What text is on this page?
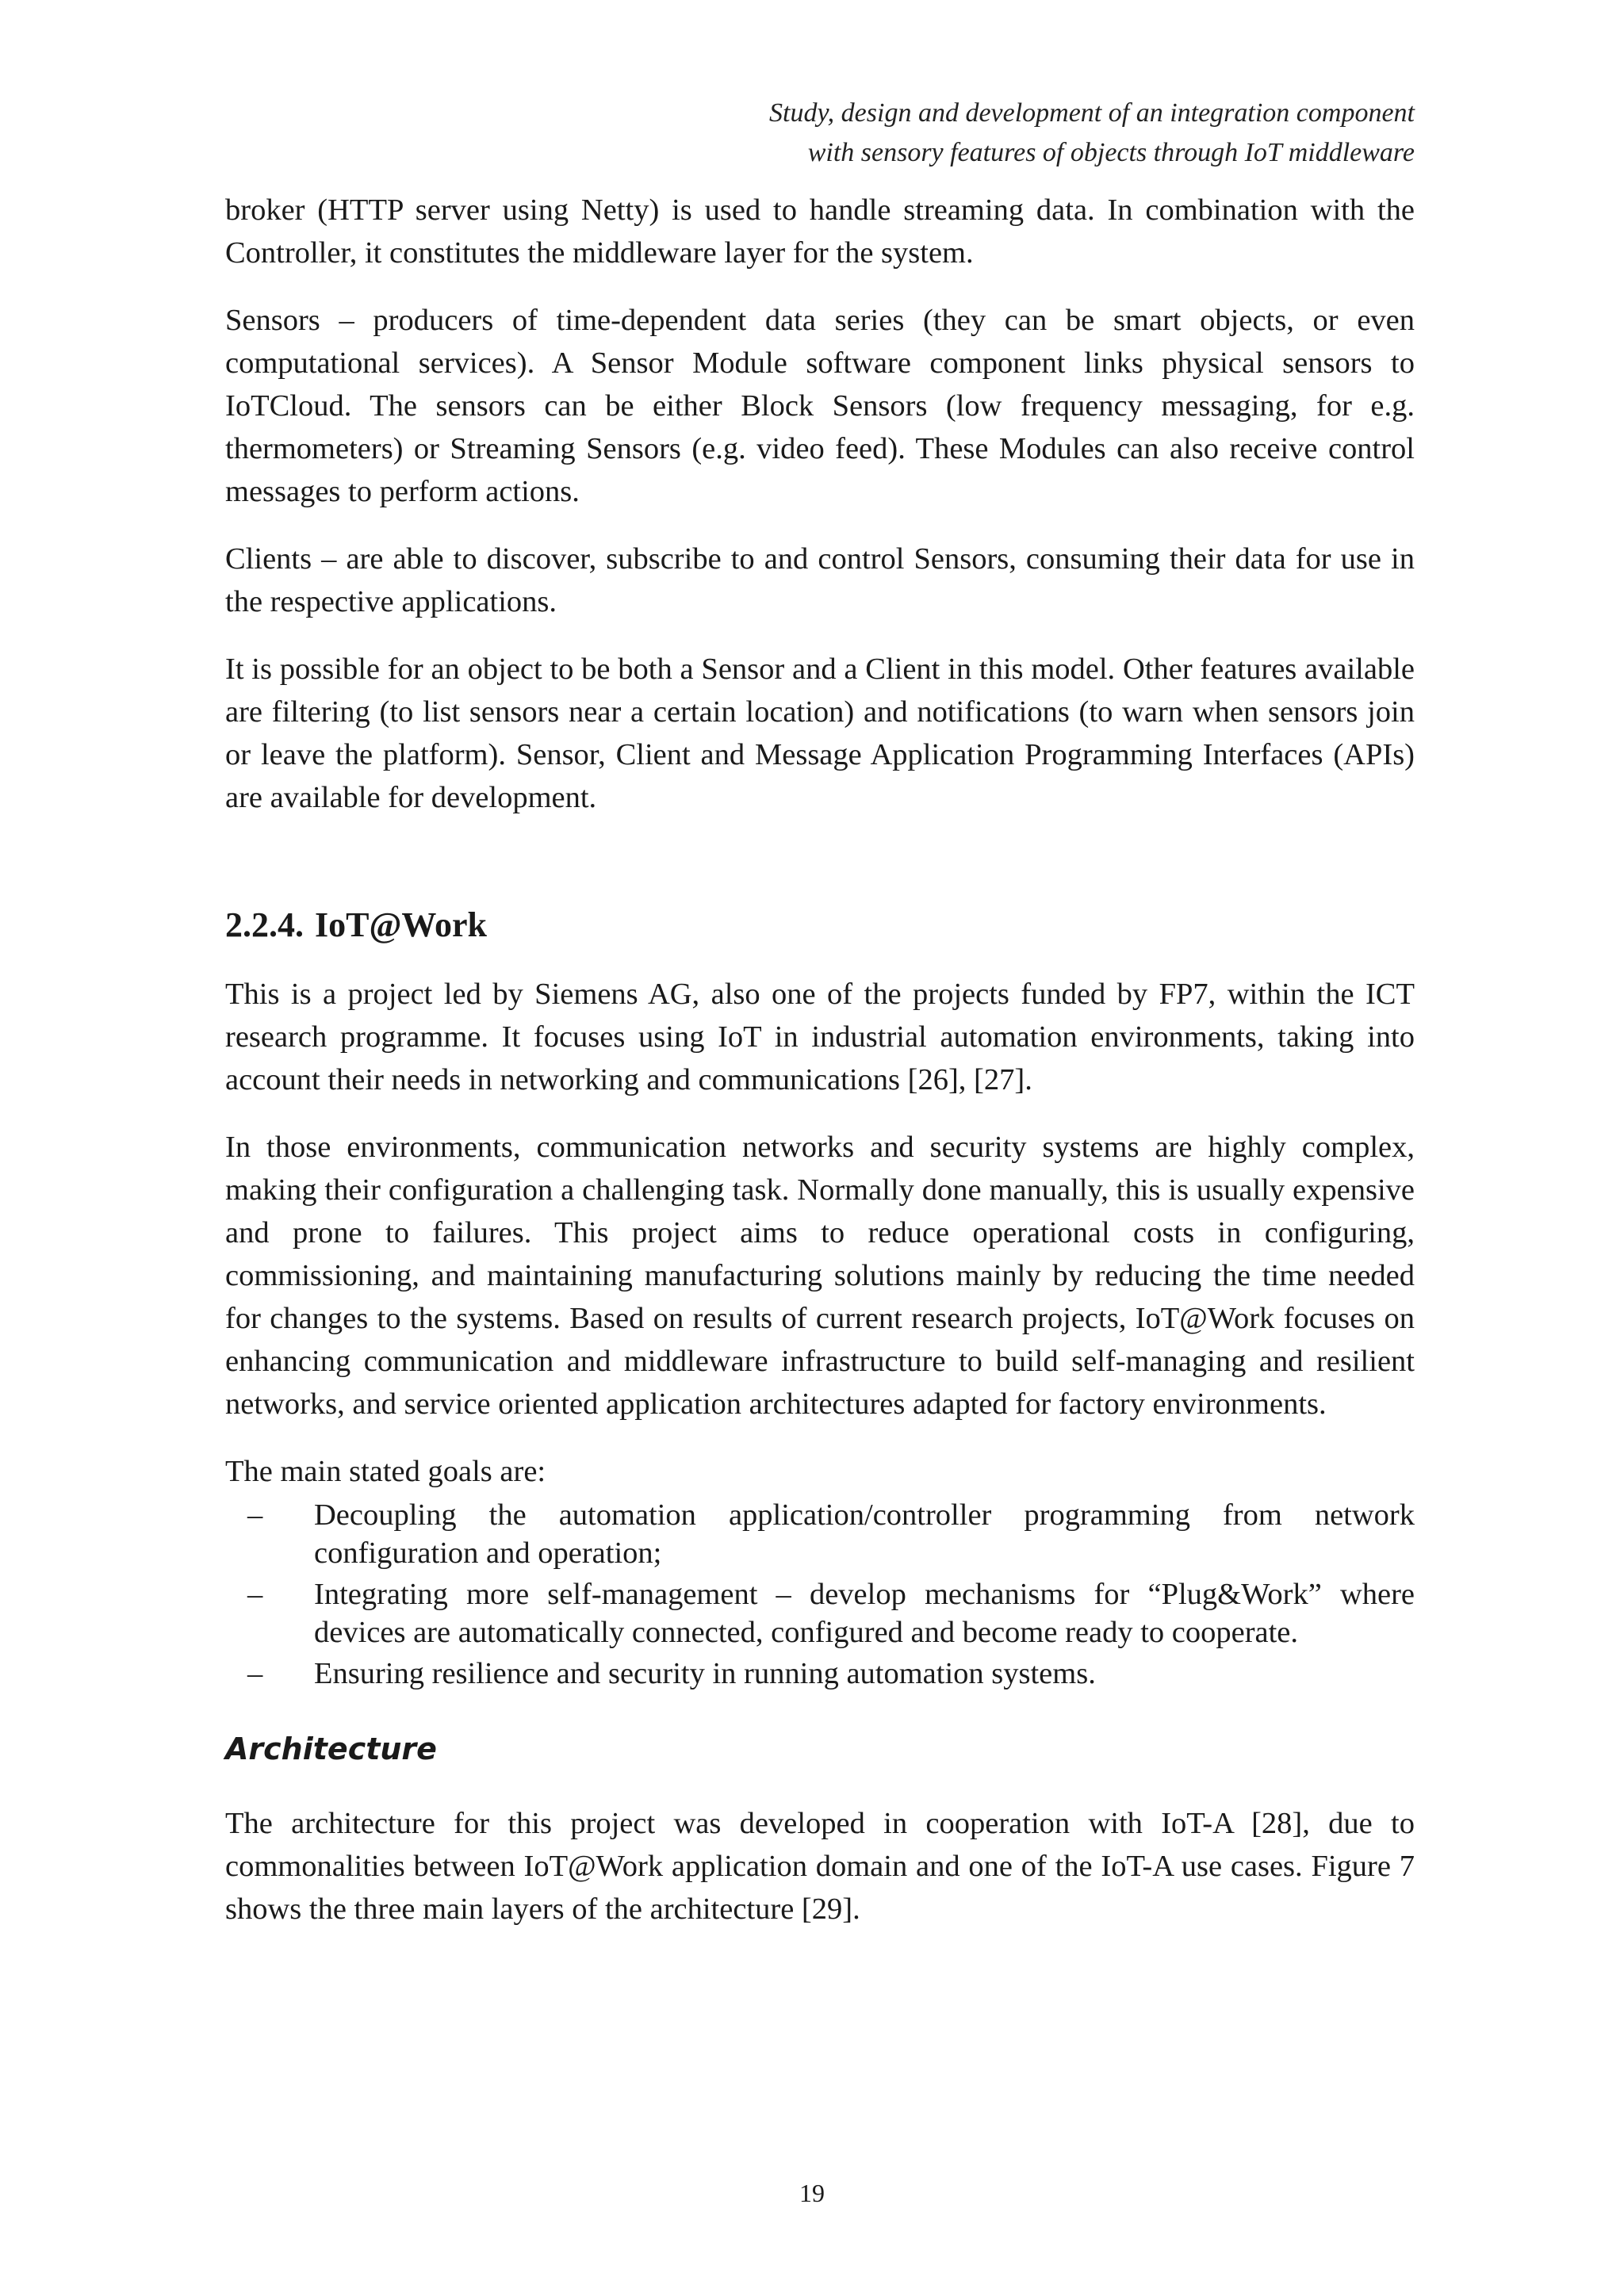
Study, design and development of an integration component
with sensory features of objects through IoT middleware

broker (HTTP server using Netty) is used to handle streaming data. In combination with the Controller, it constitutes the middleware layer for the system.

Sensors – producers of time-dependent data series (they can be smart objects, or even computational services). A Sensor Module software component links physical sensors to IoTCloud. The sensors can be either Block Sensors (low frequency messaging, for e.g. thermometers) or Streaming Sensors (e.g. video feed). These Modules can also receive control messages to perform actions.

Clients – are able to discover, subscribe to and control Sensors, consuming their data for use in the respective applications.

It is possible for an object to be both a Sensor and a Client in this model. Other features available are filtering (to list sensors near a certain location) and notifications (to warn when sensors join or leave the platform). Sensor, Client and Message Application Programming Interfaces (APIs) are available for development.

2.2.4. IoT@Work

This is a project led by Siemens AG, also one of the projects funded by FP7, within the ICT research programme. It focuses using IoT in industrial automation environments, taking into account their needs in networking and communications [26], [27].

In those environments, communication networks and security systems are highly complex, making their configuration a challenging task. Normally done manually, this is usually expensive and prone to failures. This project aims to reduce operational costs in configuring, commissioning, and maintaining manufacturing solutions mainly by reducing the time needed for changes to the systems. Based on results of current research projects, IoT@Work focuses on enhancing communication and middleware infrastructure to build self-managing and resilient networks, and service oriented application architectures adapted for factory environments.

The main stated goals are:

– Decoupling the automation application/controller programming from network configuration and operation;
– Integrating more self-management – develop mechanisms for “Plug&Work” where devices are automatically connected, configured and become ready to cooperate.
– Ensuring resilience and security in running automation systems.
Architecture

The architecture for this project was developed in cooperation with IoT-A [28], due to commonalities between IoT@Work application domain and one of the IoT-A use cases. Figure 7 shows the three main layers of the architecture [29].

19
